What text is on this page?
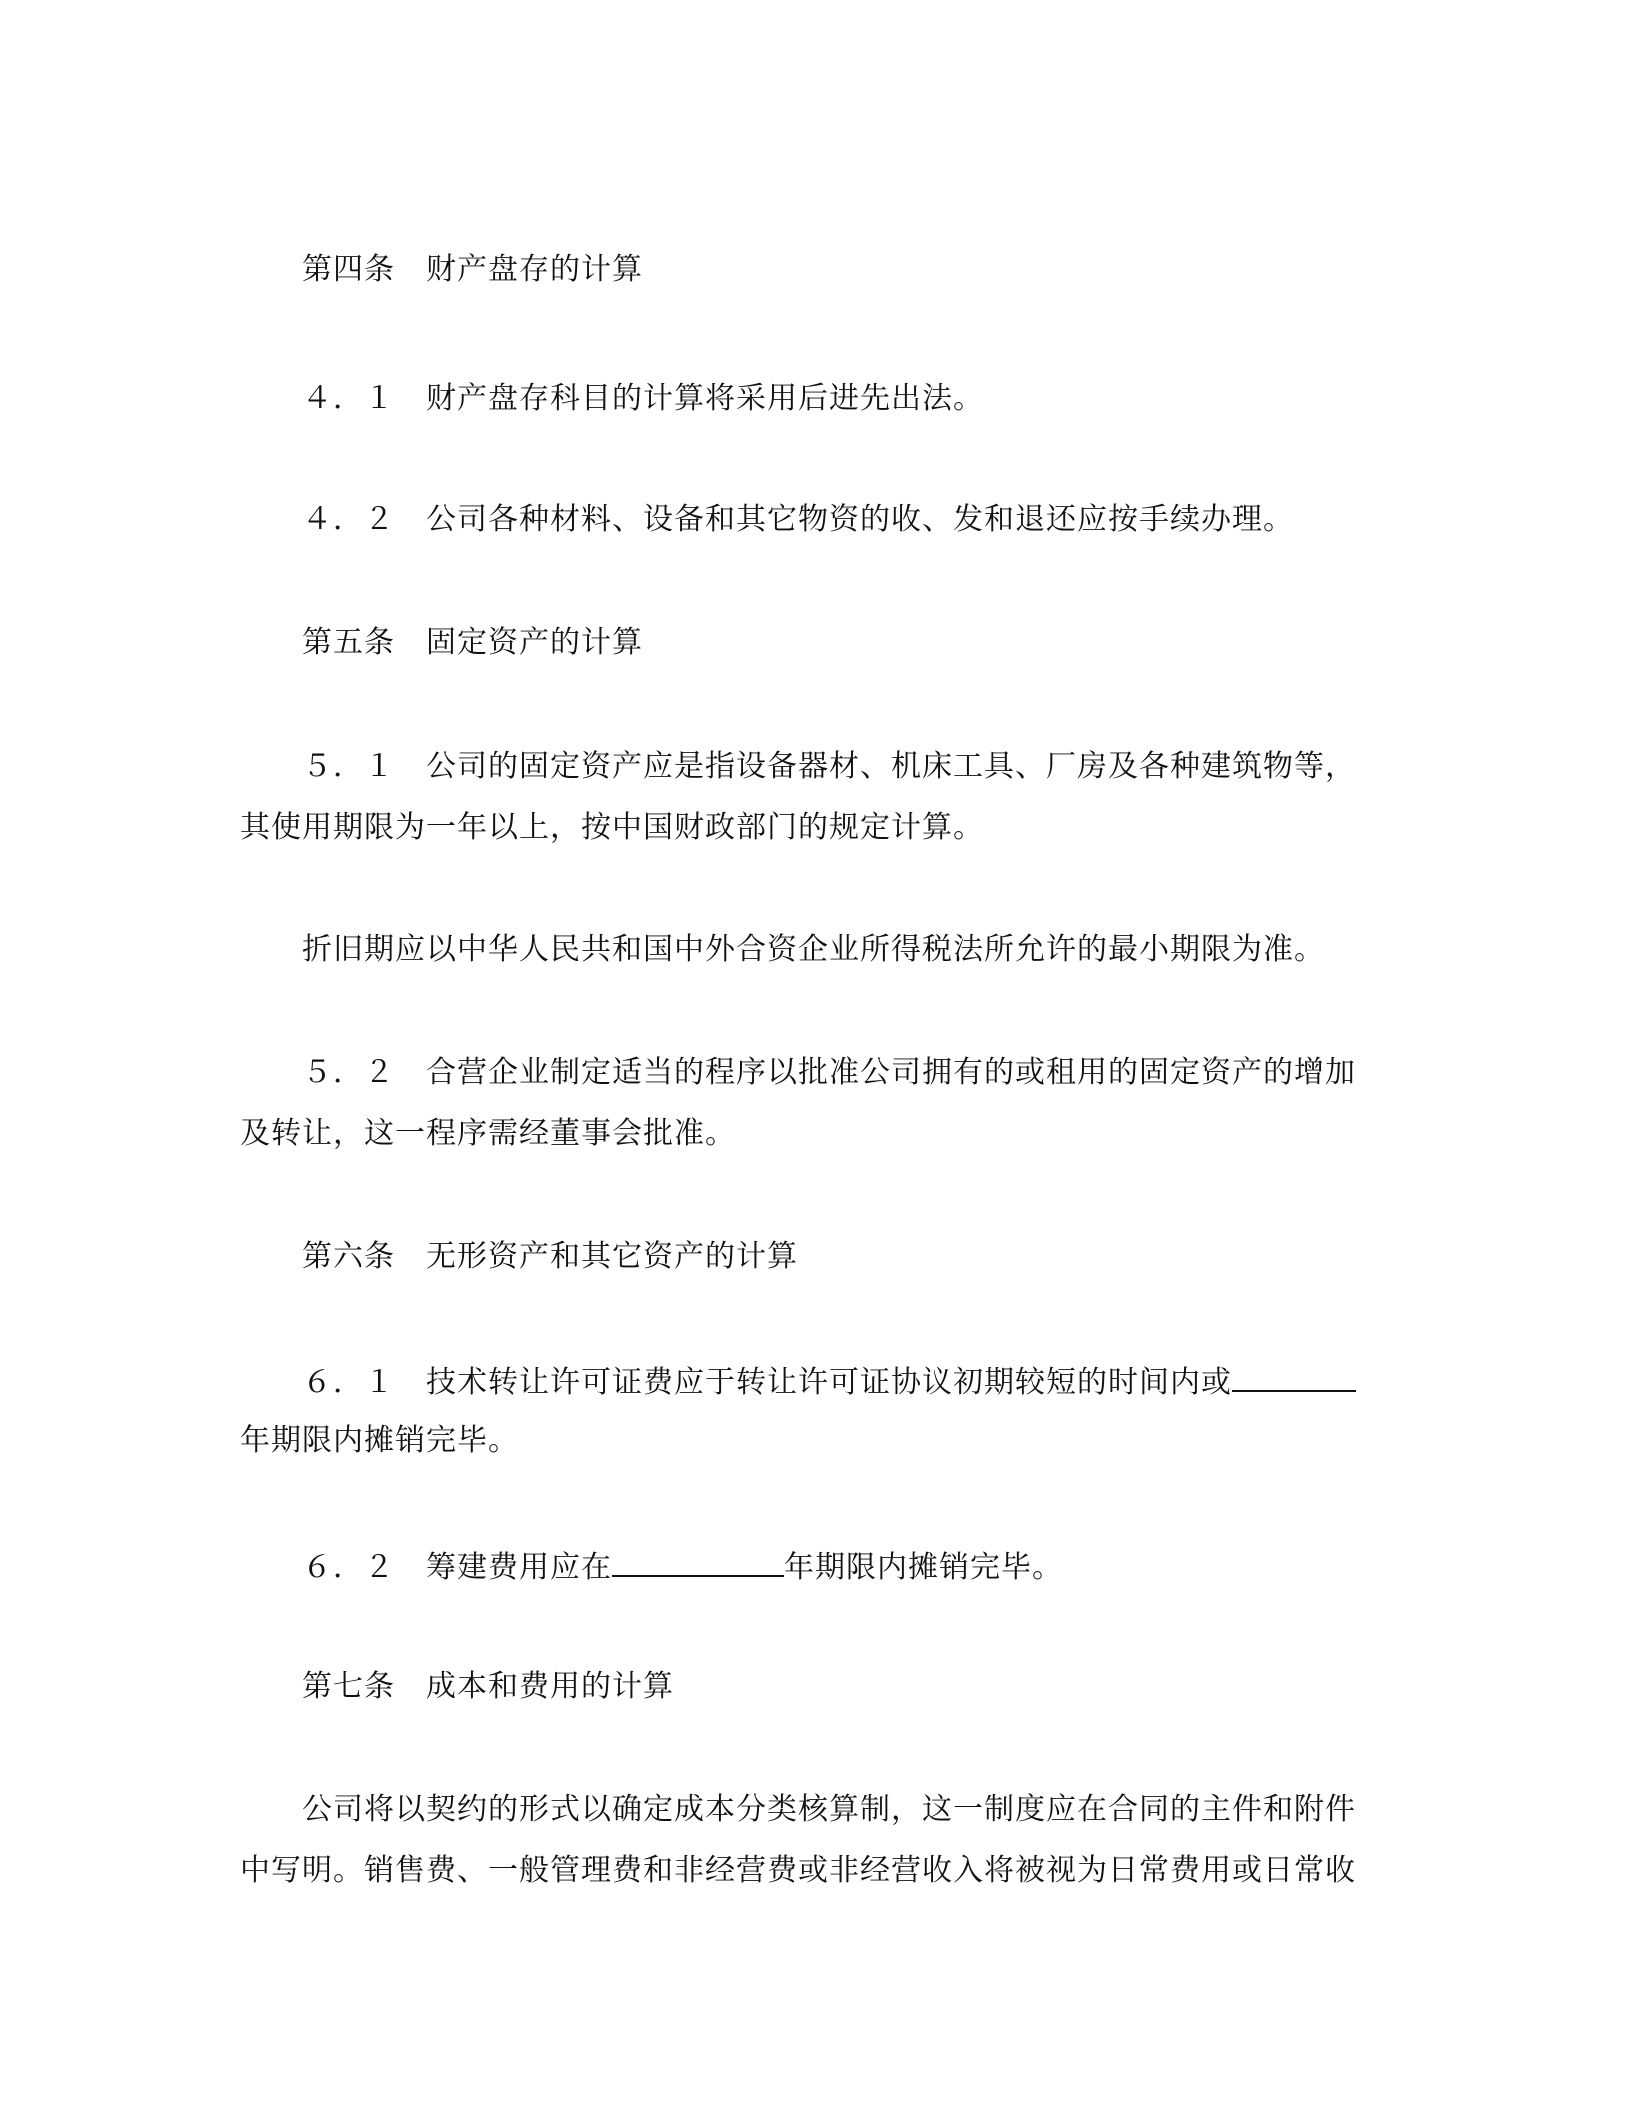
第四条　财产盘存的计算
４．１　财产盘存科目的计算将采用后进先出法。
４．２　公司各种材料、设备和其它物资的收、发和退还应按手续办理。
第五条　固定资产的计算
５．１　公司的固定资产应是指设备器材、机床工具、厂房及各种建筑物等，
其使用期限为一年以上，按中国财政部门的规定计算。
折旧期应以中华人民共和国中外合资企业所得税法所允许的最小期限为准。
５．２　合营企业制定适当的程序以批准公司拥有的或租用的固定资产的增加
及转让，这一程序需经董事会批准。
第六条　无形资产和其它资产的计算
６．１　技术转让许可证费应于转让许可证协议初期较短的时间内或
年期限内摊销完毕。
６．２　筹建费用应在	年期限内摊销完毕。
第七条　成本和费用的计算
公司将以契约的形式以确定成本分类核算制，这一制度应在合同的主件和附件
中写明。销售费、一般管理费和非经营费或非经营收入将被视为日常费用或日常收
